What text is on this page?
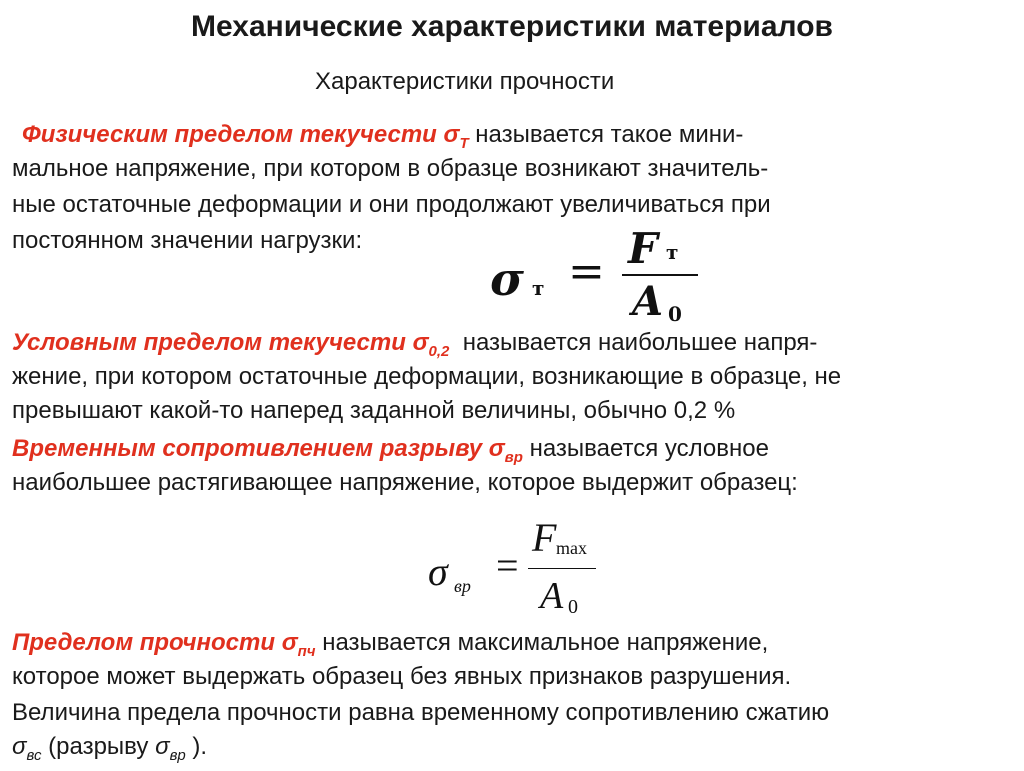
Механические характеристики материалов
Характеристики прочности
Физическим пределом текучести $\sigma_Т$ называется такое мини-
мальное напряжение, при котором в образце возникают значитель-
ные остаточные деформации и они продолжают увеличиваться при
постоянном значении нагрузки:
σ т = F т
A 0
Условным пределом текучести $\sigma_{0,2}$ называется наибольшее напря-
жение, при котором остаточные деформации, возникающие в образце, не
превышают какой-то наперед заданной величины, обычно 0,2 %
Временным сопротивлением разрыву $\sigma_{вр}$ называется условное
наибольшее растягивающее напряжение, которое выдержит образец:
σ вр =
F max
A 0
Пределом прочности $\sigma_{пч}$ называется максимальное напряжение,
которое может выдержать образец без явных признаков разрушения.
Величина предела прочности равна временному сопротивлению сжатию
$\sigma_{вс}$ (разрыву $\sigma_{вр}$ ).
